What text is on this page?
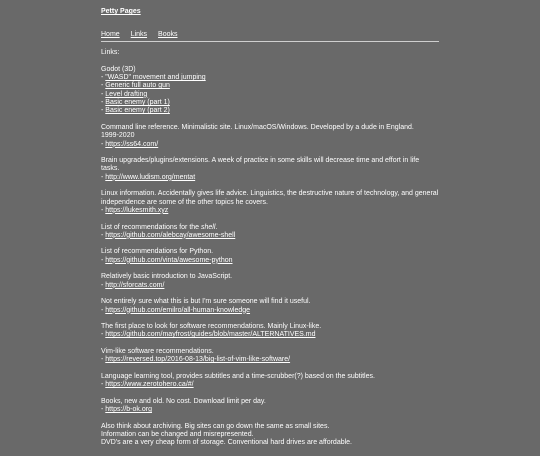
Petty Pages
Home Links Books
Links:
Godot (3D)
- "WASD" movement and jumping
- Generic full auto gun
- Level drafting
- Basic enemy (part 1)
- Basic enemy (part 2)
Command line reference. Minimalistic site. Linux/macOS/Windows. Developed by a dude in England.
1999-2020
- https://ss64.com/
Brain upgrades/plugins/extensions. A week of practice in some skills will decrease time and effort in life tasks.
- http://www.ludism.org/mentat
Linux information. Accidentally gives life advice. Linguistics, the destructive nature of technology, and general independence are some of the other topics he covers.
- https://lukesmith.xyz
List of recommendations for the shell.
- https://github.com/alebcay/awesome-shell
List of recommendations for Python.
- https://github.com/vinta/awesome-python
Relatively basic introduction to JavaScript.
- http://sforcats.com/
Not entirely sure what this is but I'm sure someone will find it useful.
- https://github.com/emilro/all-human-knowledge
The first place to look for software recommendations. Mainly Linux-like.
- https://github.com/mayfrost/guides/blob/master/ALTERNATIVES.md
Vim-like software recommendations.
- https://reversed.top/2016-08-13/big-list-of-vim-like-software/
Language learning tool, provides subtitles and a time-scrubber(?) based on the subtitles.
- https://www.zerotohero.ca/#/
Books, new and old. No cost. Download limit per day.
- https://b-ok.org
Also think about archiving. Big sites can go down the same as small sites.
Information can be changed and misrepresented.
DVD's are a very cheap form of storage. Conventional hard drives are affordable.
